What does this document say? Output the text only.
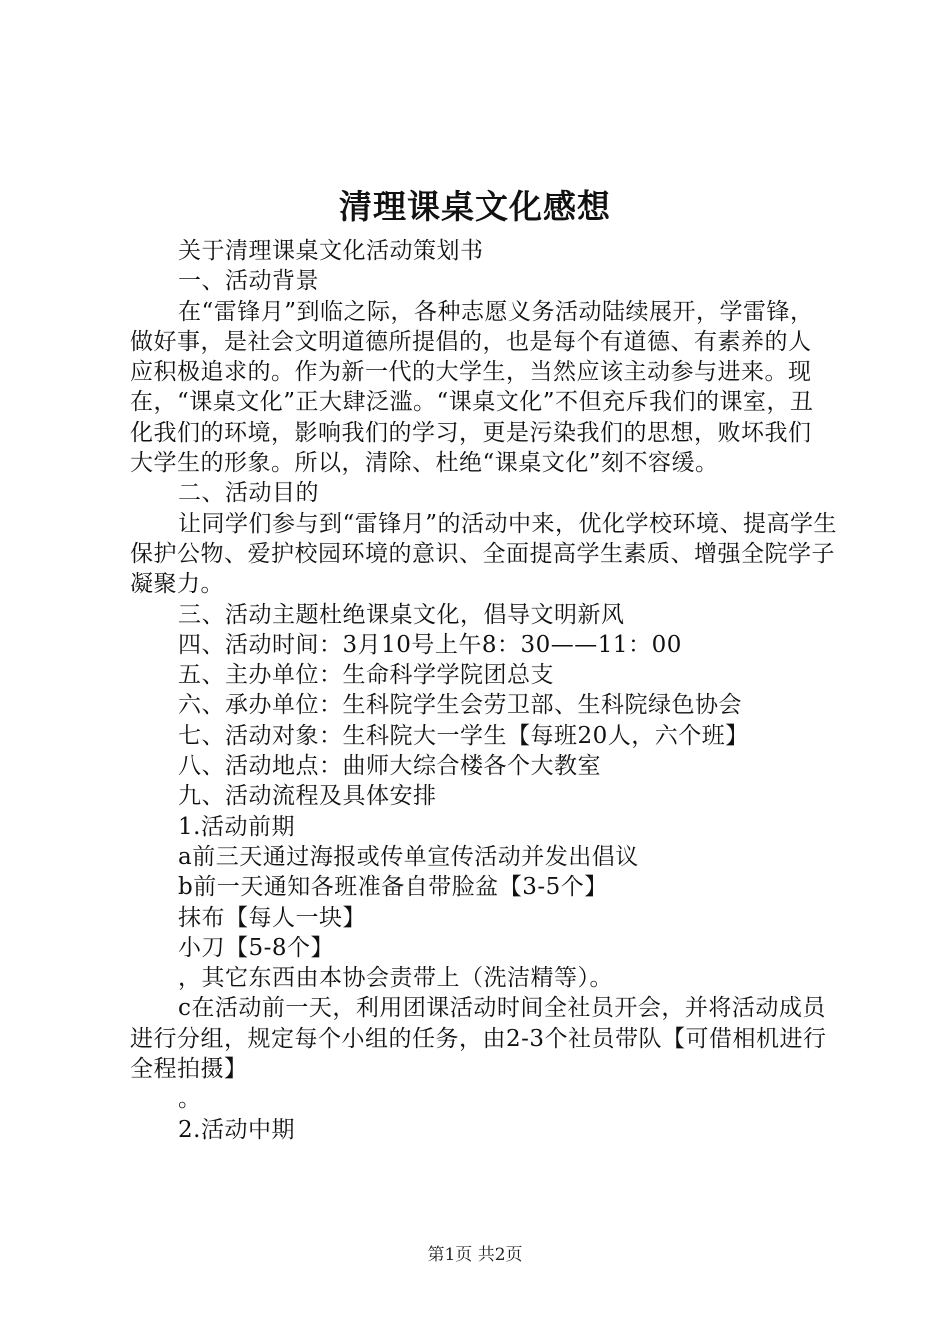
清理课桌文化感想

关于清理课桌文化活动策划书

一、活动背景

在“雷锋月”到临之际，各种志愿义务活动陆续展开，学雷锋，做好事，是社会文明道德所提倡的，也是每个有道德、有素养的人应积极追求的。作为新一代的大学生，当然应该主动参与进来。现在，“课桌文化”正大肆泛滥。“课桌文化”不但充斥我们的课室，丑化我们的环境，影响我们的学习，更是污染我们的思想，败坏我们大学生的形象。所以，清除、杜绝“课桌文化”刻不容缓。

二、活动目的

让同学们参与到“雷锋月”的活动中来，优化学校环境、提高学生保护公物、爱护校园环境的意识、全面提高学生素质、增强全院学子凝聚力。

三、活动主题杜绝课桌文化，倡导文明新风

四、活动时间：3月10号上午8：30——11：00

五、主办单位：生命科学学院团总支

六、承办单位：生科院学生会劳卫部、生科院绿色协会

七、活动对象：生科院大一学生【每班20人，六个班】

八、活动地点：曲师大综合楼各个大教室

九、活动流程及具体安排

1.活动前期

a前三天通过海报或传单宣传活动并发出倡议

b前一天通知各班准备自带脸盆【3-5个】

抹布【每人一块】

小刀【5-8个】

，其它东西由本协会责带上（洗洁精等）。

c在活动前一天，利用团课活动时间全社员开会，并将活动成员进行分组，规定每个小组的任务，由2-3个社员带队【可借相机进行全程拍摄】

。

2.活动中期

第1页 共2页
